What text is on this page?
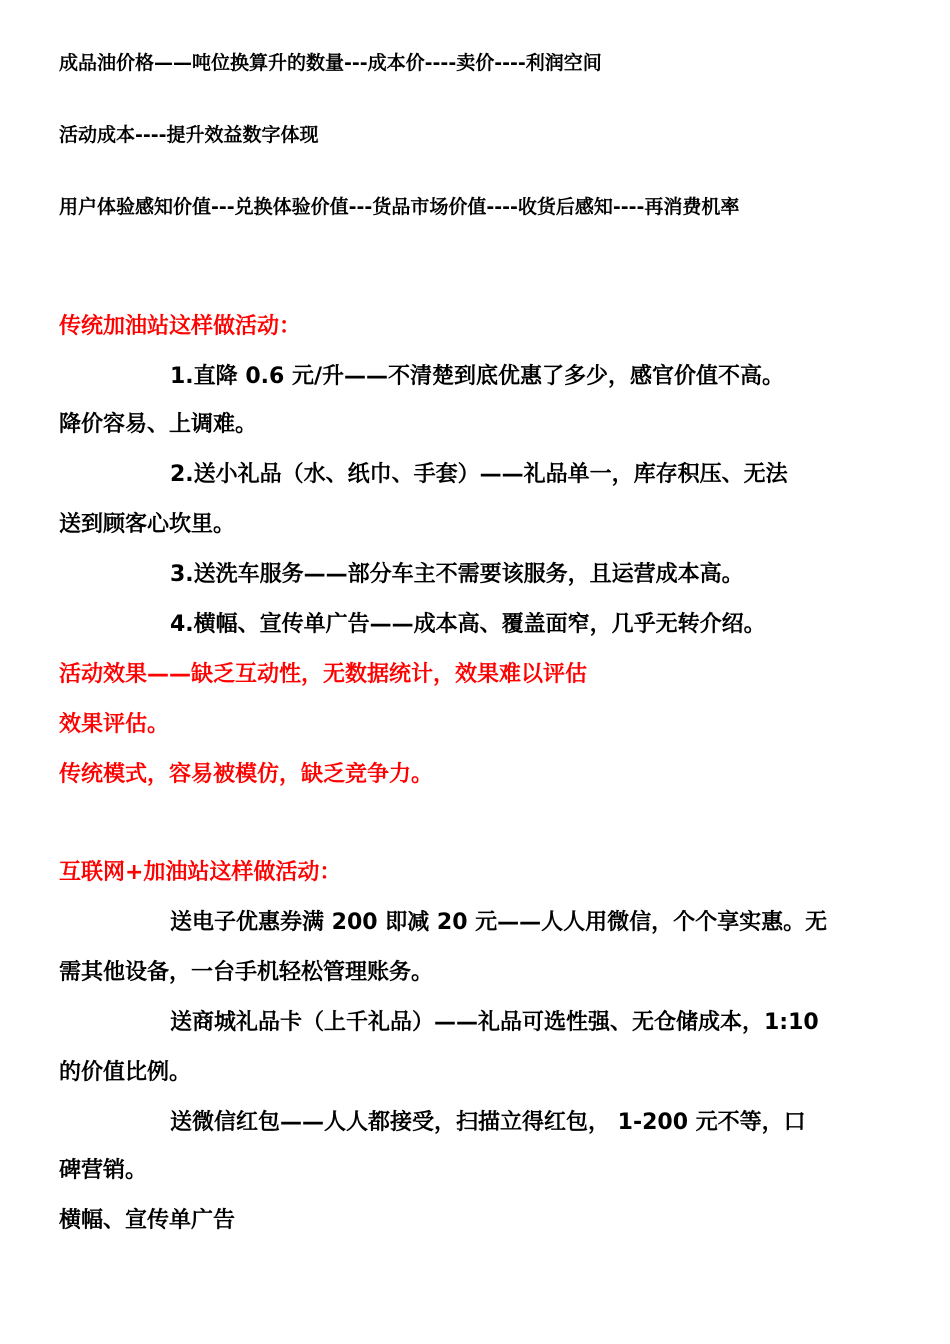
成品油价格——吨位换算升的数量---成本价----卖价----利润空间
活动成本----提升效益数字体现
用户体验感知价值---兑换体验价值---货品市场价值----收货后感知----再消费机率
传统加油站这样做活动：
1.直降 0.6 元/升——不清楚到底优惠了多少，感官价值不高。
降价容易、上调难。
2.送小礼品（水、纸巾、手套）——礼品单一，库存积压、无法
送到顾客心坎里。
3.送洗车服务——部分车主不需要该服务，且运营成本高。
4.横幅、宣传单广告——成本高、覆盖面窄，几乎无转介绍。
活动效果——缺乏互动性，无数据统计，效果难以评估
效果评估。
传统模式，容易被模仿，缺乏竞争力。
互联网+加油站这样做活动：
送电子优惠券满 200 即减 20 元——人人用微信，个个享实惠。无
需其他设备，一台手机轻松管理账务。
送商城礼品卡（上千礼品）——礼品可选性强、无仓储成本，1:10
的价值比例。
送微信红包——人人都接受，扫描立得红包， 1-200 元不等，口
碑营销。
横幅、宣传单广告
